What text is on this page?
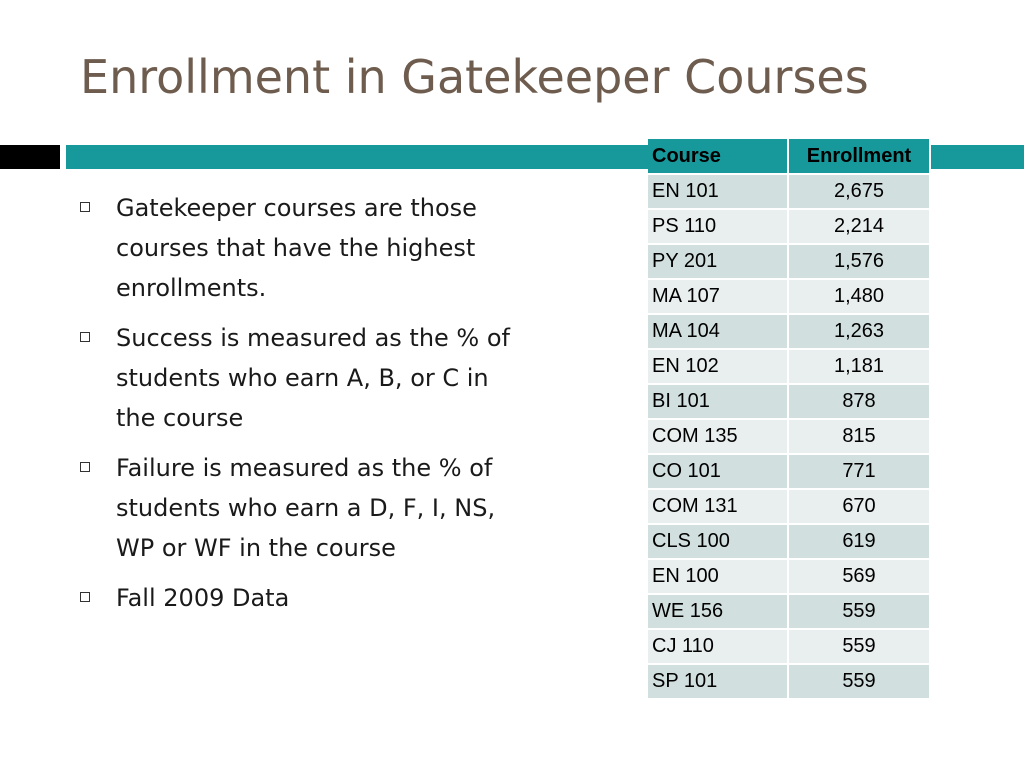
Enrollment in Gatekeeper Courses
Gatekeeper courses are those courses that have the highest enrollments.
Success is measured as the % of students who earn A, B, or C in the course
Failure is measured as the % of students who earn a D, F, I, NS, WP or WF in the course
Fall 2009 Data
Course	Enrollment
EN 101	2,675
PS 110	2,214
PY 201	1,576
MA 107	1,480
MA 104	1,263
EN 102	1,181
BI 101	878
COM 135	815
CO 101	771
COM 131	670
CLS 100	619
EN 100	569
WE 156	559
CJ 110	559
SP 101	559
